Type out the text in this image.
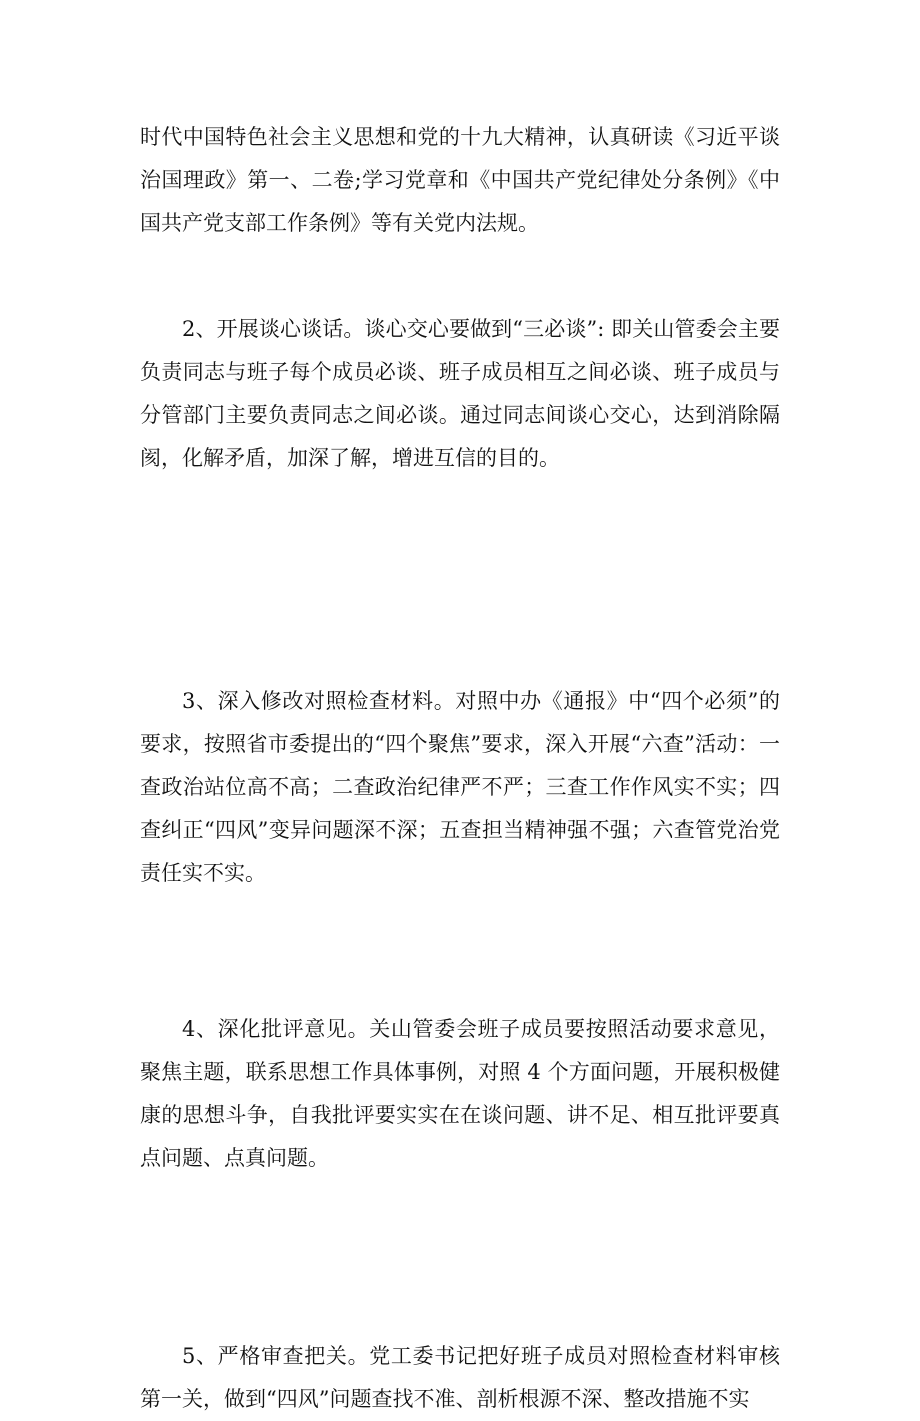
时代中国特色社会主义思想和党的十九大精神，认真研读《习近平谈治国理政》第一、二卷;学习党章和《中国共产党纪律处分条例》《中国共产党支部工作条例》等有关党内法规。

2、开展谈心谈话。谈心交心要做到“三必谈”: 即关山管委会主要负责同志与班子每个成员必谈、班子成员相互之间必谈、班子成员与分管部门主要负责同志之间必谈。通过同志间谈心交心，达到消除隔阂，化解矛盾，加深了解，增进互信的目的。

3、深入修改对照检查材料。对照中办《通报》中“四个必须”的要求，按照省市委提出的“四个聚焦”要求，深入开展“六查”活动：一查政治站位高不高；二查政治纪律严不严；三查工作作风实不实；四查纠正“四风”变异问题深不深；五查担当精神强不强；六查管党治党责任实不实。

4、深化批评意见。关山管委会班子成员要按照活动要求意见，聚焦主题，联系思想工作具体事例，对照 4 个方面问题，开展积极健康的思想斗争，自我批评要实实在在谈问题、讲不足、相互批评要真点问题、点真问题。

5、严格审查把关。党工委书记把好班子成员对照检查材料审核第一关，做到“四风”问题查找不准、剖析根源不深、整改措施不实
